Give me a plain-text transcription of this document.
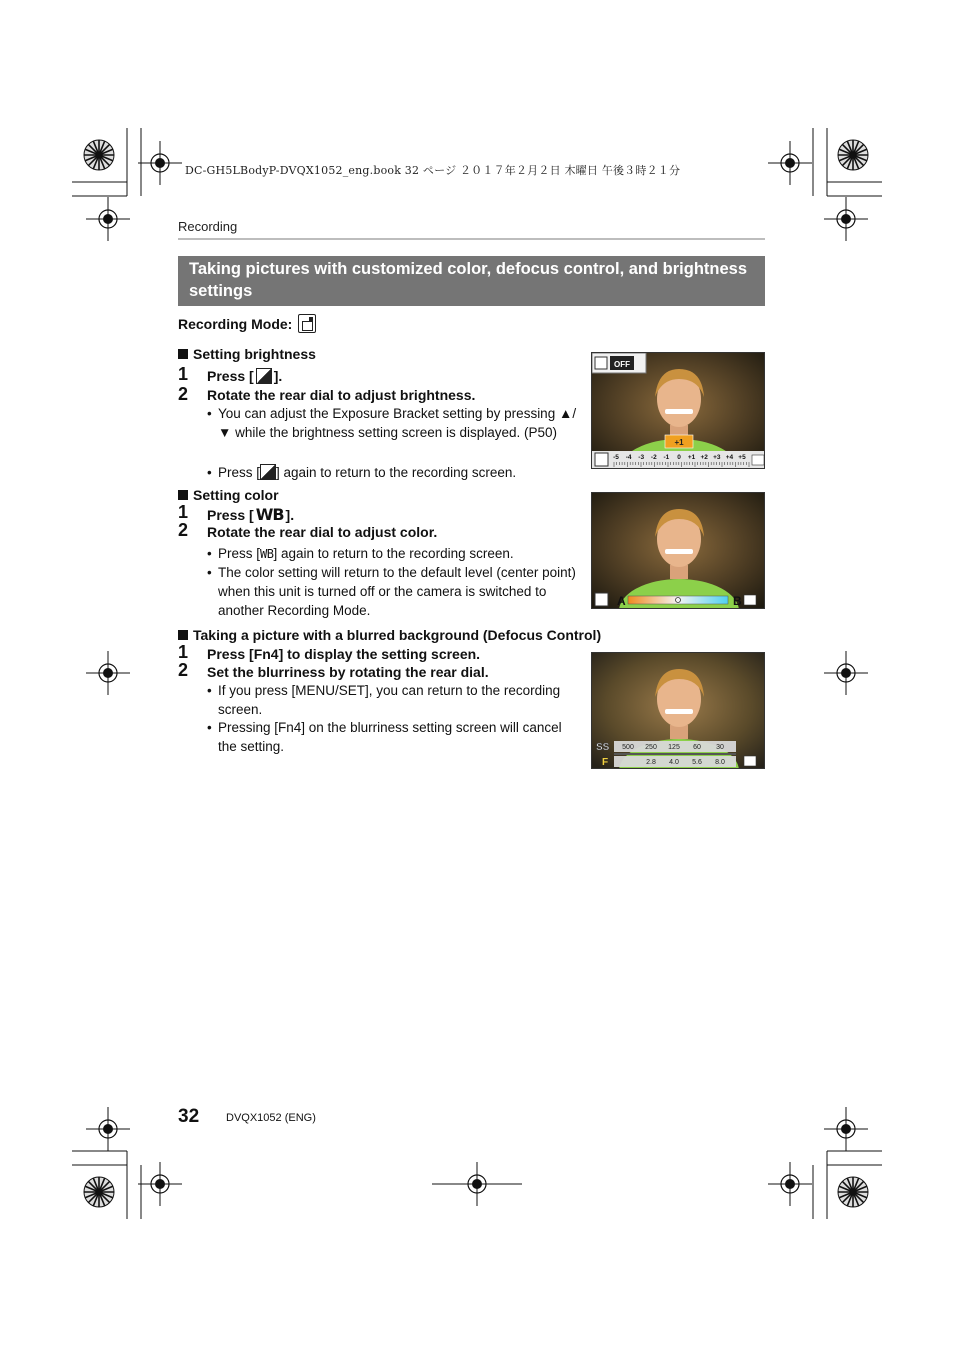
DC-GH5LBodyP-DVQX1052_eng.book 32 ページ ２０１７年２月２日 木曜日 午後３時２１分
Recording
Taking pictures with customized color, defocus control, and brightness settings
Recording Mode:
Setting brightness
1 Press [ ].
2 Rotate the rear dial to adjust brightness.
• You can adjust the Exposure Bracket setting by pressing ▲/▼ while the brightness setting screen is displayed. (P50)
• Press [ ] again to return to the recording screen.
OFF
+1
-5 -4 -3 -2 -1 0 +1 +2 +3 +4 +5
Setting color
1 Press [ WB ].
2 Rotate the rear dial to adjust color.
• Press [WB] again to return to the recording screen.
• The color setting will return to the default level (center point) when this unit is turned off or the camera is switched to another Recording Mode.
A	B
Taking a picture with a blurred background (Defocus Control)
1 Press [Fn4] to display the setting screen.
2 Set the blurriness by rotating the rear dial.
• If you press [MENU/SET], you can return to the recording screen.
• Pressing [Fn4] on the blurriness setting screen will cancel the setting.	SS 500 250 125 60 30
F	2.8 4.0 5.6 8.0
32 DVQX1052 (ENG)
